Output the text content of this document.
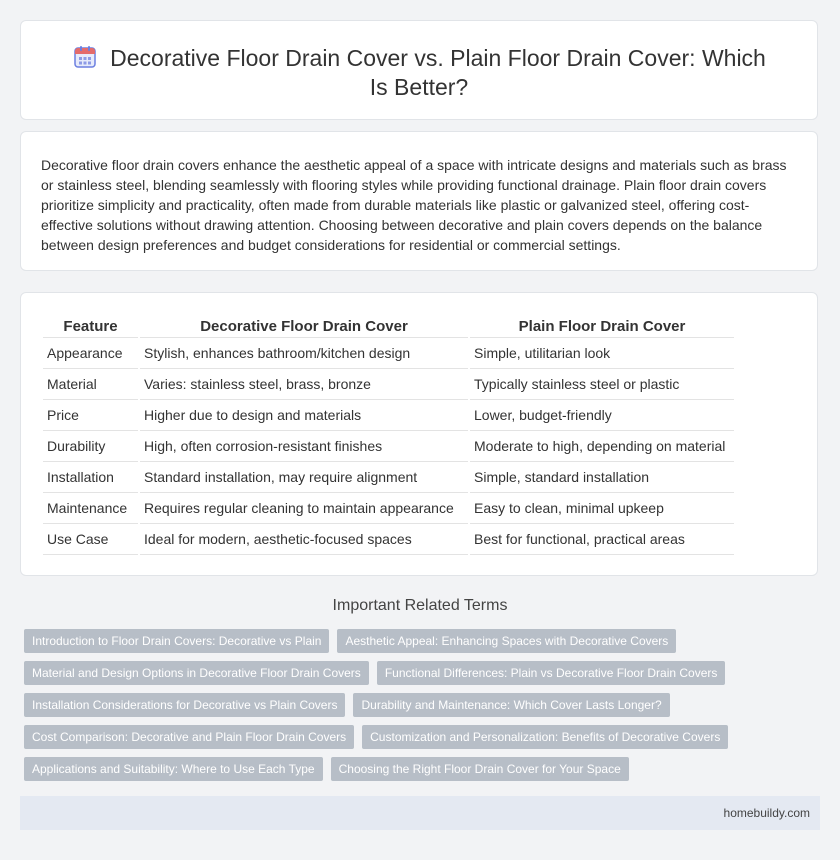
Decorative Floor Drain Cover vs. Plain Floor Drain Cover: Which Is Better?
Decorative floor drain covers enhance the aesthetic appeal of a space with intricate designs and materials such as brass or stainless steel, blending seamlessly with flooring styles while providing functional drainage. Plain floor drain covers prioritize simplicity and practicality, often made from durable materials like plastic or galvanized steel, offering cost-effective solutions without drawing attention. Choosing between decorative and plain covers depends on the balance between design preferences and budget considerations for residential or commercial settings.
Feature	Decorative Floor Drain Cover	Plain Floor Drain Cover
Appearance	Stylish, enhances bathroom/kitchen design	Simple, utilitarian look
Material	Varies: stainless steel, brass, bronze	Typically stainless steel or plastic
Price	Higher due to design and materials	Lower, budget-friendly
Durability	High, often corrosion-resistant finishes	Moderate to high, depending on material
Installation	Standard installation, may require alignment	Simple, standard installation
Maintenance	Requires regular cleaning to maintain appearance	Easy to clean, minimal upkeep
Use Case	Ideal for modern, aesthetic-focused spaces	Best for functional, practical areas
Important Related Terms
Introduction to Floor Drain Covers: Decorative vs Plain	Aesthetic Appeal: Enhancing Spaces with Decorative Covers
Material and Design Options in Decorative Floor Drain Covers	Functional Differences: Plain vs Decorative Floor Drain Covers
Installation Considerations for Decorative vs Plain Covers	Durability and Maintenance: Which Cover Lasts Longer?
Cost Comparison: Decorative and Plain Floor Drain Covers	Customization and Personalization: Benefits of Decorative Covers
Applications and Suitability: Where to Use Each Type	Choosing the Right Floor Drain Cover for Your Space
homebuildy.com
